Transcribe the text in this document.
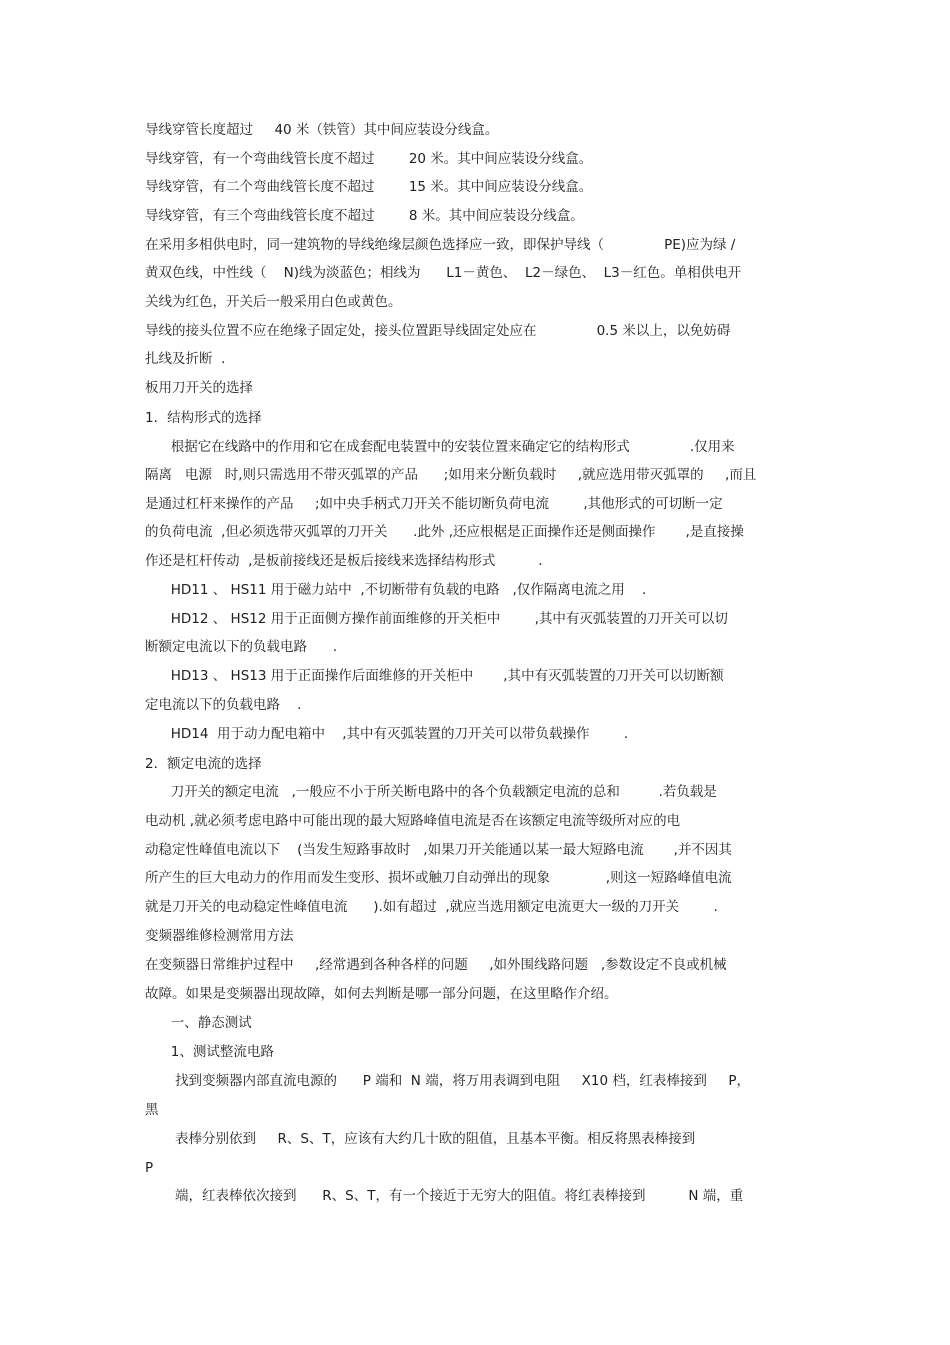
导线穿管长度超过     40 米（铁管）其中间应装设分线盒。
导线穿管，有一个弯曲线管长度不超过        20 米。其中间应装设分线盒。
导线穿管，有二个弯曲线管长度不超过        15 米。其中间应装设分线盒。
导线穿管，有三个弯曲线管长度不超过        8 米。其中间应装设分线盒。
在采用多相供电时，同一建筑物的导线绝缘层颜色选择应一致，即保护导线（              PE)应为绿 /
黄双色线，中性线（    N)线为淡蓝色；相线为      L1－黄色、  L2－绿色、  L3－红色。单相供电开
关线为红色，开关后一般采用白色或黄色。
导线的接头位置不应在绝缘子固定处，接头位置距导线固定处应在              0.5 米以上，以免妨碍
扎线及折断  .
板用刀开关的选择
1．结构形式的选择
根据它在线路中的作用和它在成套配电装置中的安装位置来确定它的结构形式              .仅用来
隔离   电源   时,则只需选用不带灭弧罩的产品      ;如用来分断负载时     ,就应选用带灭弧罩的     ,而且
是通过杠杆来操作的产品     ;如中央手柄式刀开关不能切断负荷电流        ,其他形式的可切断一定
的负荷电流  ,但必须选带灭弧罩的刀开关      .此外 ,还应根椐是正面操作还是侧面操作       ,是直接操
作还是杠杆传动  ,是板前接线还是板后接线来选择结构形式          .
HD11 、 HS11 用于磁力站中  ,不切断带有负载的电路   ,仅作隔离电流之用    .
HD12 、 HS12 用于正面侧方操作前面维修的开关柜中        ,其中有灭弧装置的刀开关可以切
断额定电流以下的负载电路      .
HD13 、 HS13 用于正面操作后面维修的开关柜中       ,其中有灭弧装置的刀开关可以切断额
定电流以下的负载电路    .
HD14  用于动力配电箱中    ,其中有灭弧装置的刀开关可以带负载操作        .
2．额定电流的选择
刀开关的额定电流   ,一般应不小于所关断电路中的各个负载额定电流的总和         .若负载是
电动机 ,就必须考虑电路中可能出现的最大短路峰值电流是否在该额定电流等级所对应的电
动稳定性峰值电流以下    (当发生短路事故时   ,如果刀开关能通以某一最大短路电流       ,并不因其
所产生的巨大电动力的作用而发生变形、损坏或触刀自动弹出的现象             ,则这一短路峰值电流
就是刀开关的电动稳定性峰值电流      ).如有超过  ,就应当选用额定电流更大一级的刀开关        .
变频器维修检测常用方法
在变频器日常维护过程中     ,经常遇到各种各样的问题     ,如外围线路问题   ,参数设定不良或机械
故障。如果是变频器出现故障，如何去判断是哪一部分问题，在这里略作介绍。
一、静态测试
1、测试整流电路
找到变频器内部直流电源的      P 端和  N 端，将万用表调到电阻     X10 档，红表棒接到     P，
黑
表棒分别依到     R、S、T，应该有大约几十欧的阻值，且基本平衡。相反将黑表棒接到
P
端，红表棒依次接到      R、S、T，有一个接近于无穷大的阻值。将红表棒接到          N 端，重
